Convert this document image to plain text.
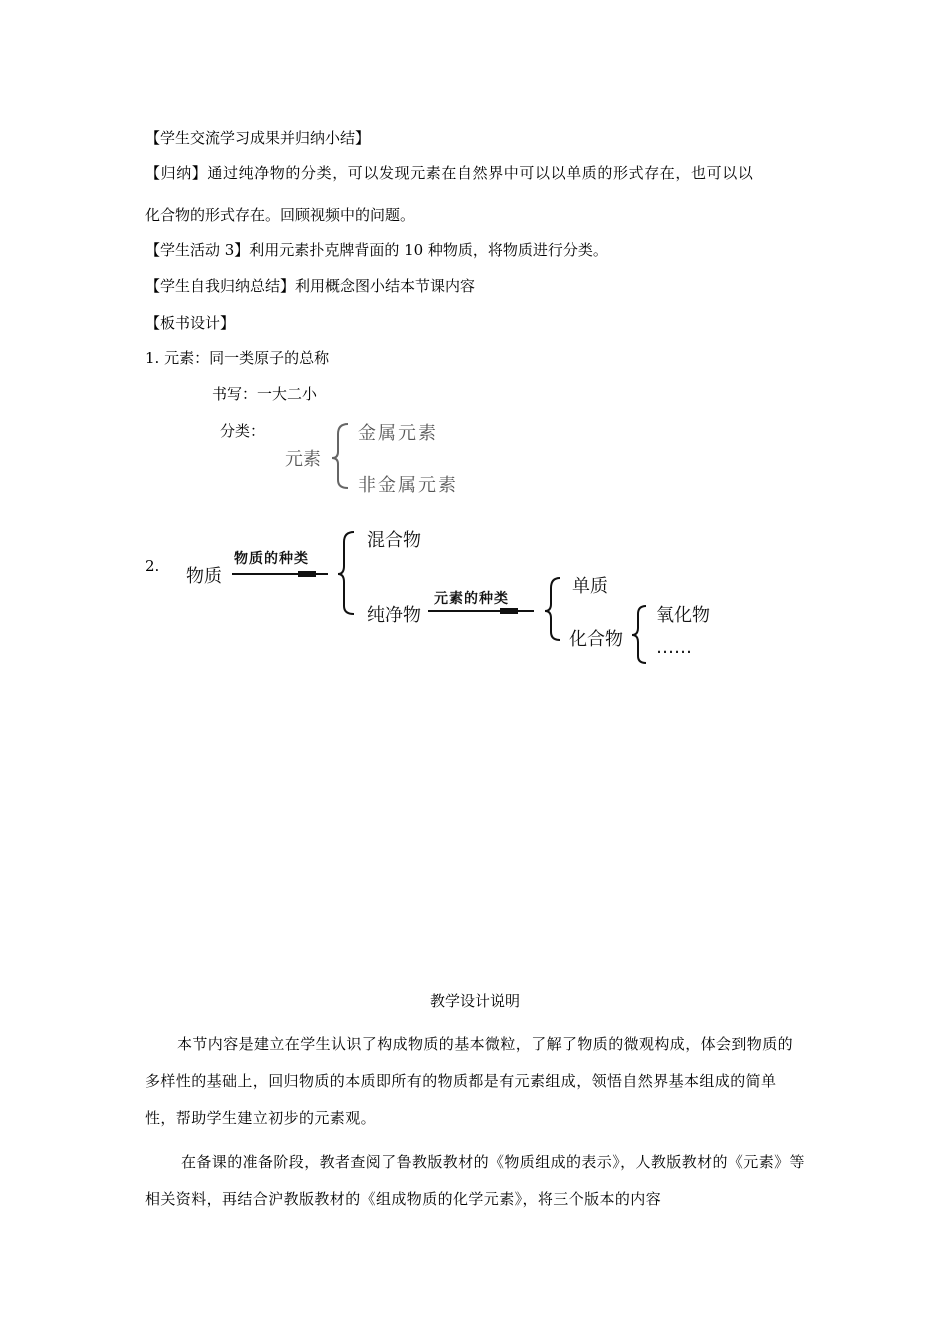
【学生交流学习成果并归纳小结】
【归纳】通过纯净物的分类，可以发现元素在自然界中可以以单质的形式存在，也可以以
化合物的形式存在。回顾视频中的问题。
【学生活动 3】利用元素扑克牌背面的 10 种物质，将物质进行分类。
【学生自我归纳总结】利用概念图小结本节课内容
【板书设计】
1. 元素：同一类原子的总称
书写：一大二小
分类：
元素
金属元素
非金属元素
2. 物质
物质的种类
混合物
纯净物
元素的种类
单质
化合物
氧化物
……
教学设计说明
本节内容是建立在学生认识了构成物质的基本微粒，了解了物质的微观构成，体会到物质的多样性的基础上，回归物质的本质即所有的物质都是有元素组成，领悟自然界基本组成的简单性，帮助学生建立初步的元素观。
在备课的准备阶段，教者查阅了鲁教版教材的《物质组成的表示》，人教版教材的《元素》等相关资料，再结合沪教版教材的《组成物质的化学元素》，将三个版本的内容
